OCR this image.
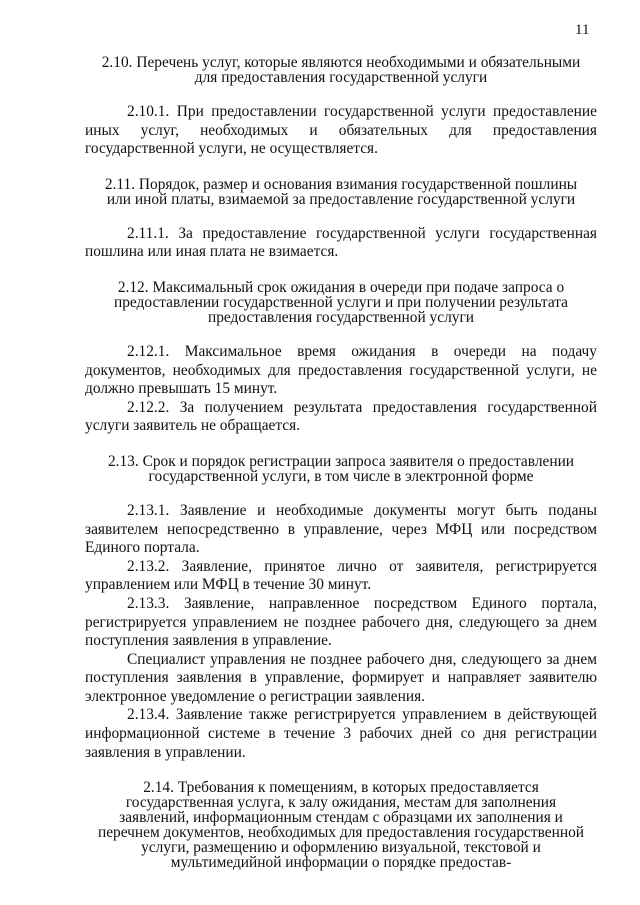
11
2.10. Перечень услуг, которые являются необходимыми и обязательными для предоставления государственной услуги

2.10.1. При предоставлении государственной услуги предоставление иных услуг, необходимых и обязательных для предоставления государственной услуги, не осуществляется.

2.11. Порядок, размер и основания взимания государственной пошлины или иной платы, взимаемой за предоставление государственной услуги

2.11.1. За предоставление государственной услуги государственная пошлина или иная плата не взимается.

2.12. Максимальный срок ожидания в очереди при подаче запроса о предоставлении государственной услуги и при получении результата предоставления государственной услуги

2.12.1. Максимальное время ожидания в очереди на подачу документов, необходимых для предоставления государственной услуги, не должно превышать 15 минут.

2.12.2. За получением результата предоставления государственной услуги заявитель не обращается.

2.13. Срок и порядок регистрации запроса заявителя о предоставлении государственной услуги, в том числе в электронной форме

2.13.1. Заявление и необходимые документы могут быть поданы заявителем непосредственно в управление, через МФЦ или посредством Единого портала.

2.13.2. Заявление, принятое лично от заявителя, регистрируется управлением или МФЦ в течение 30 минут.

2.13.3. Заявление, направленное посредством Единого портала, регистрируется управлением не позднее рабочего дня, следующего за днем поступления заявления в управление.

Специалист управления не позднее рабочего дня, следующего за днем поступления заявления в управление, формирует и направляет заявителю электронное уведомление о регистрации заявления.

2.13.4. Заявление также регистрируется управлением в действующей информационной системе в течение 3 рабочих дней со дня регистрации заявления в управлении.

2.14. Требования к помещениям, в которых предоставляется государственная услуга, к залу ожидания, местам для заполнения заявлений, информационным стендам с образцами их заполнения и перечнем документов, необходимых для предоставления государственной услуги, размещению и оформлению визуальной, текстовой и мультимедийной информации о порядке предостав-
